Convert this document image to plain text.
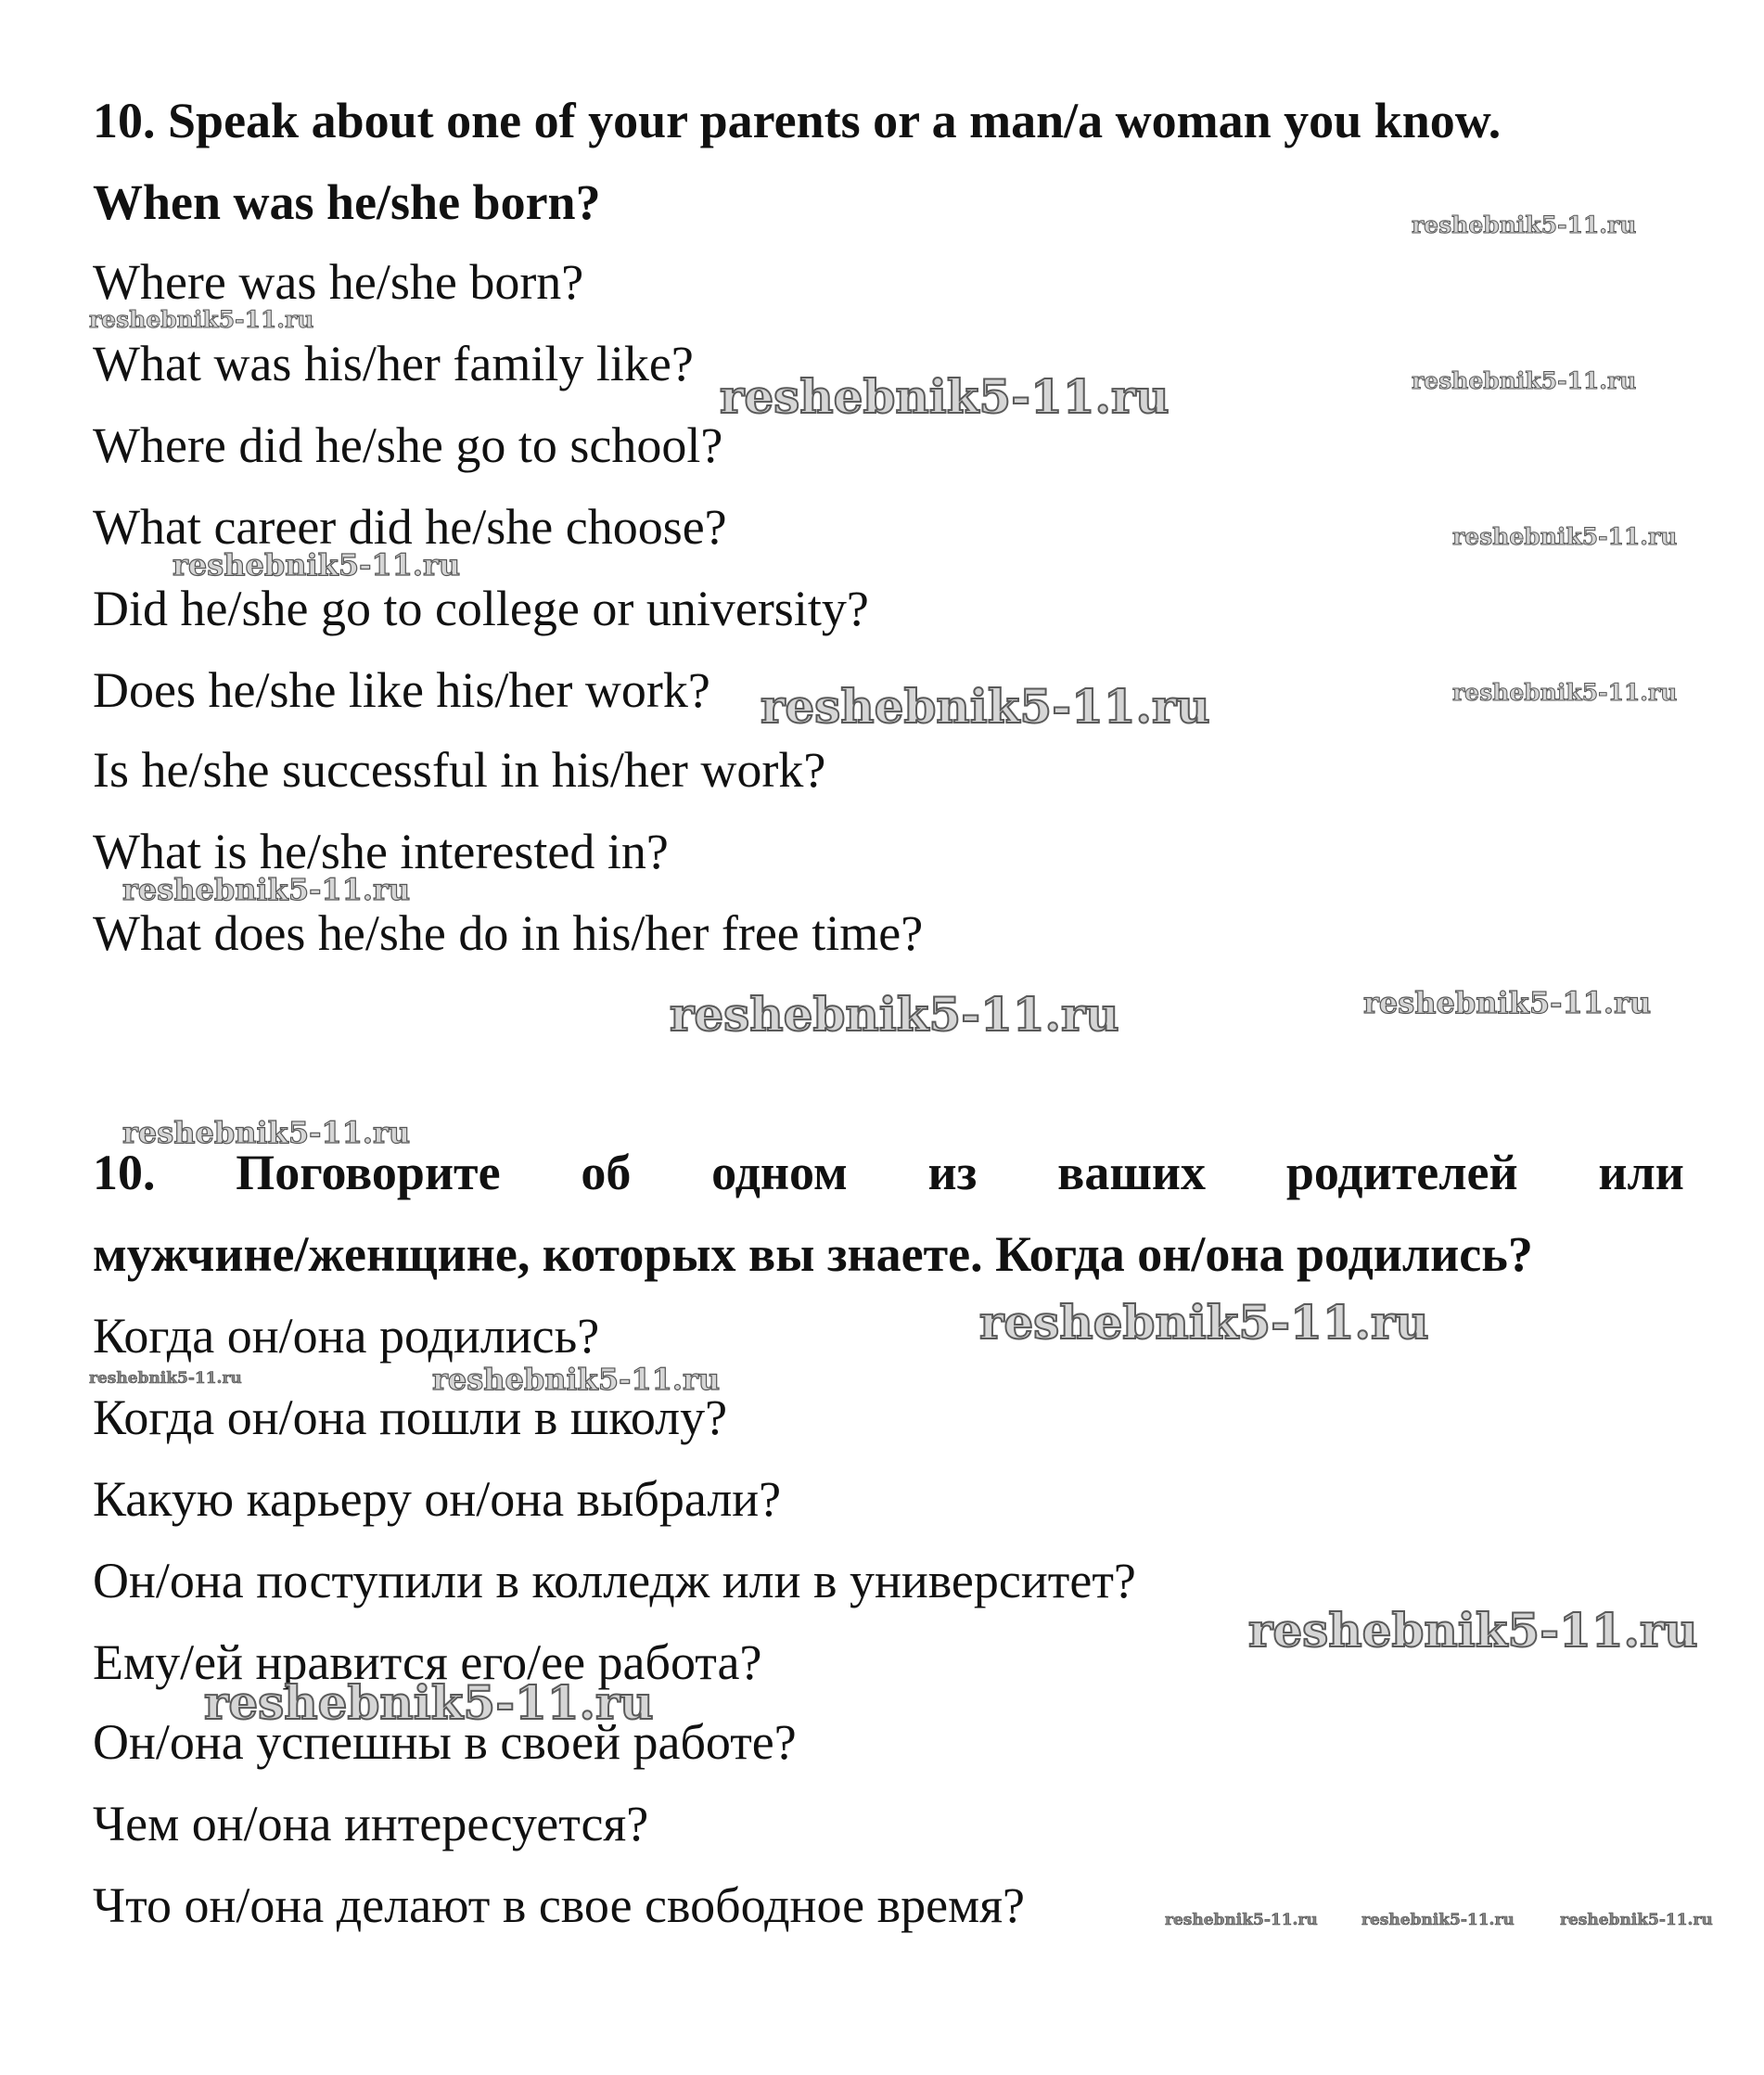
10. Speak about one of your parents or a man/a woman you know.
When was he/she born?
Where was he/she born?
What was his/her family like?
Where did he/she go to school?
What career did he/she choose?
Did he/she go to college or university?
Does he/she like his/her work?
Is he/she successful in his/her work?
What is he/she interested in?
What does he/she do in his/her free time?
10. Поговорите об одном из ваших родителей или
мужчине/женщине, которых вы знаете. Когда он/она родились?
Когда он/она родились?
Когда он/она пошли в школу?
Какую карьеру он/она выбрали?
Он/она поступили в колледж или в университет?
Ему/ей нравится его/ее работа?
Он/она успешны в своей работе?
Чем он/она интересуется?
Что он/она делают в свое свободное время?
reshebnik5-11.ru
reshebnik5-11.ru
reshebnik5-11.ru	reshebnik5-11.ru
reshebnik5-11.ru
reshebnik5-11.ru
reshebnik5-11.ru	reshebnik5-11.ru
reshebnik5-11.ru
reshebnik5-11.ru	reshebnik5-11.ru
reshebnik5-11.ru
reshebnik5-11.ru
reshebnik5-11.ru	reshebnik5-11.ru
reshebnik5-11.ru
reshebnik5-11.ru
reshebnik5-11.ru	reshebnik5-11.ru	reshebnik5-11.ru
